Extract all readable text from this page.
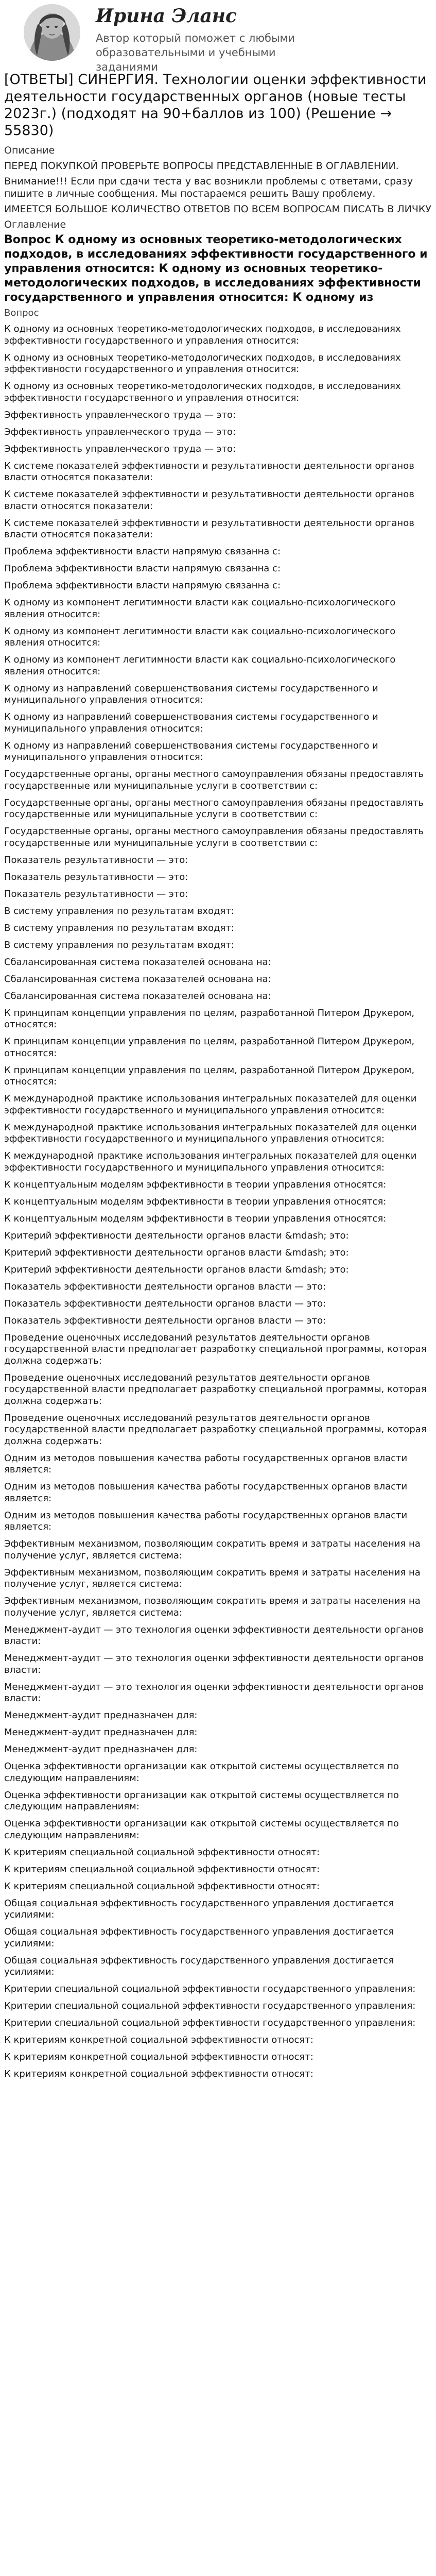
Ирина Эланс
Автор который поможет с любыми образовательными и учебными заданиями
[ОТВЕТЫ] СИНЕРГИЯ. Технологии оценки эффективности деятельности государственных органов (новые тесты 2023г.) (подходят на 90+баллов из 100) (Решение → 55830)
Описание

ПЕРЕД ПОКУПКОЙ ПРОВЕРЬТЕ ВОПРОСЫ ПРЕДСТАВЛЕННЫЕ В ОГЛАВЛЕНИИ.

Внимание!!! Если при сдачи теста у вас возникли проблемы с ответами, сразу пишите в личные сообщения. Мы постараемся решить Вашу проблему.

ИМЕЕТСЯ БОЛЬШОЕ КОЛИЧЕСТВО ОТВЕТОВ ПО ВСЕМ ВОПРОСАМ ПИСАТЬ В ЛИЧКУ

Оглавление
Вопрос К одному из основных теоретико-методологических подходов, в исследованиях эффективности государственного и управления относится: К одному из основных теоретико-методологических подходов, в исследованиях эффективности государственного и управления относится: К одному из
Вопрос
К одному из основных теоретико-методологических подходов, в исследованиях эффективности государственного и управления относится:
К одному из основных теоретико-методологических подходов, в исследованиях эффективности государственного и управления относится:
К одному из основных теоретико-методологических подходов, в исследованиях эффективности государственного и управления относится:
Эффективность управленческого труда — это:
Эффективность управленческого труда — это:
Эффективность управленческого труда — это:
К системе показателей эффективности и результативности деятельности органов власти относятся показатели:
К системе показателей эффективности и результативности деятельности органов власти относятся показатели:
К системе показателей эффективности и результативности деятельности органов власти относятся показатели:
Проблема эффективности власти напрямую связанна с:
Проблема эффективности власти напрямую связанна с:
Проблема эффективности власти напрямую связанна с:
К одному из компонент легитимности власти как социально-психологического явления относится:
К одному из компонент легитимности власти как социально-психологического явления относится:
К одному из компонент легитимности власти как социально-психологического явления относится:
К одному из направлений совершенствования системы государственного и муниципального управления относится:
К одному из направлений совершенствования системы государственного и муниципального управления относится:
К одному из направлений совершенствования системы государственного и муниципального управления относится:
Государственные органы, органы местного самоуправления обязаны предоставлять государственные или муниципальные услуги в соответствии с:
Государственные органы, органы местного самоуправления обязаны предоставлять государственные или муниципальные услуги в соответствии с:
Государственные органы, органы местного самоуправления обязаны предоставлять государственные или муниципальные услуги в соответствии с:
Показатель результативности — это:
Показатель результативности — это:
Показатель результативности — это:
В систему управления по результатам входят:
В систему управления по результатам входят:
В систему управления по результатам входят:
Сбалансированная система показателей основана на:
Сбалансированная система показателей основана на:
Сбалансированная система показателей основана на:
К принципам концепции управления по целям, разработанной Питером Друкером, относятся:
К принципам концепции управления по целям, разработанной Питером Друкером, относятся:
К принципам концепции управления по целям, разработанной Питером Друкером, относятся:
К международной практике использования интегральных показателей для оценки эффективности государственного и муниципального управления относится:
К международной практике использования интегральных показателей для оценки эффективности государственного и муниципального управления относится:
К международной практике использования интегральных показателей для оценки эффективности государственного и муниципального управления относится:
К концептуальным моделям эффективности в теории управления относятся:
К концептуальным моделям эффективности в теории управления относятся:
К концептуальным моделям эффективности в теории управления относятся:
Критерий эффективности деятельности органов власти &mdash; это:
Критерий эффективности деятельности органов власти &mdash; это:
Критерий эффективности деятельности органов власти &mdash; это:
Показатель эффективности деятельности органов власти — это:
Показатель эффективности деятельности органов власти — это:
Показатель эффективности деятельности органов власти — это:
Проведение оценочных исследований результатов деятельности органов государственной власти предполагает разработку специальной программы, которая должна содержать:
Проведение оценочных исследований результатов деятельности органов государственной власти предполагает разработку специальной программы, которая должна содержать:
Проведение оценочных исследований результатов деятельности органов государственной власти предполагает разработку специальной программы, которая должна содержать:
Одним из методов повышения качества работы государственных органов власти является:
Одним из методов повышения качества работы государственных органов власти является:
Одним из методов повышения качества работы государственных органов власти является:
Эффективным механизмом, позволяющим сократить время и затраты населения на получение услуг, является система:
Эффективным механизмом, позволяющим сократить время и затраты населения на получение услуг, является система:
Эффективным механизмом, позволяющим сократить время и затраты населения на получение услуг, является система:
Менеджмент-аудит — это технология оценки эффективности деятельности органов власти:
Менеджмент-аудит — это технология оценки эффективности деятельности органов власти:
Менеджмент-аудит — это технология оценки эффективности деятельности органов власти:
Менеджмент-аудит предназначен для:
Менеджмент-аудит предназначен для:
Менеджмент-аудит предназначен для:
Оценка эффективности организации как открытой системы осуществляется по следующим направлениям:
Оценка эффективности организации как открытой системы осуществляется по следующим направлениям:
Оценка эффективности организации как открытой системы осуществляется по следующим направлениям:
К критериям специальной социальной эффективности относят:
К критериям специальной социальной эффективности относят:
К критериям специальной социальной эффективности относят:
Общая социальная эффективность государственного управления достигается усилиями:
Общая социальная эффективность государственного управления достигается усилиями:
Общая социальная эффективность государственного управления достигается усилиями:
Критерии специальной социальной эффективности государственного управления:
Критерии специальной социальной эффективности государственного управления:
Критерии специальной социальной эффективности государственного управления:
К критериям конкретной социальной эффективности относят:
К критериям конкретной социальной эффективности относят:
К критериям конкретной социальной эффективности относят:
